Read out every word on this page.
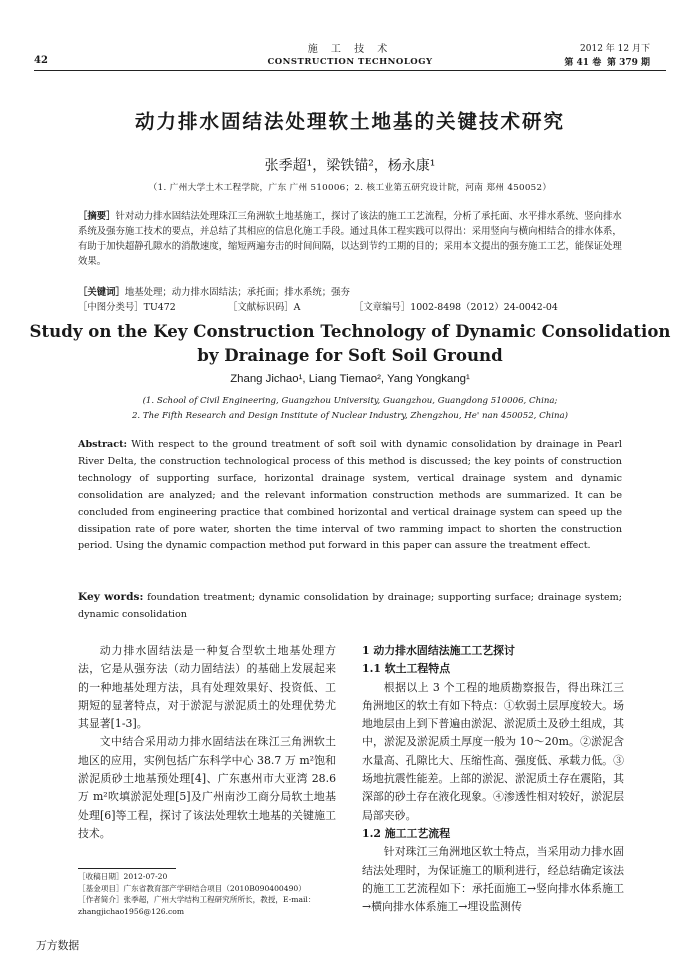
42
施 工 技 术
CONSTRUCTION TECHNOLOGY
2012 年 12 月下
第 41 卷 第 379 期
动力排水固结法处理软土地基的关键技术研究
张季超¹，梁铁锚²，杨永康¹
（1. 广州大学土木工程学院，广东 广州 510006；2. 核工业第五研究设计院，河南 郑州 450052）
［摘要］针对动力排水固结法处理珠江三角洲软土地基施工，探讨了该法的施工工艺流程，分析了承托面、水平排水系统、竖向排水系统及强夯施工技术的要点，并总结了其相应的信息化施工手段。通过具体工程实践可以得出：采用竖向与横向相结合的排水体系，有助于加快超静孔隙水的消散速度，缩短两遍夯击的时间间隔，以达到节约工期的目的；采用本文提出的强夯施工工艺，能保证处理效果。
［关键词］地基处理；动力排水固结法；承托面；排水系统；强夯
［中图分类号］TU472	［文献标识码］A	［文章编号］1002-8498（2012）24-0042-04
Study on the Key Construction Technology of Dynamic Consolidation
by Drainage for Soft Soil Ground
Zhang Jichao¹, Liang Tiemao², Yang Yongkang¹
(1. School of Civil Engineering, Guangzhou University, Guangzhou, Guangdong 510006, China;
2. The Fifth Research and Design Institute of Nuclear Industry, Zhengzhou, He' nan 450052, China)
Abstract: With respect to the ground treatment of soft soil with dynamic consolidation by drainage in Pearl River Delta, the construction technological process of this method is discussed; the key points of construction technology of supporting surface, horizontal drainage system, vertical drainage system and dynamic consolidation are analyzed; and the relevant information construction methods are summarized. It can be concluded from engineering practice that combined horizontal and vertical drainage system can speed up the dissipation rate of pore water, shorten the time interval of two ramming impact to shorten the construction period. Using the dynamic compaction method put forward in this paper can assure the treatment effect.
Key words: foundation treatment; dynamic consolidation by drainage; supporting surface; drainage system; dynamic consolidation

动力排水固结法是一种复合型软土地基处理方法，它是从强夯法（动力固结法）的基础上发展起来的一种地基处理方法，具有处理效果好、投资低、工期短的显著特点，对于淤泥与淤泥质土的处理优势尤其显著[1-3]。

文中结合采用动力排水固结法在珠江三角洲软土地区的应用，实例包括广东科学中心 38.7 万 m²饱和淤泥质砂土地基预处理[4]、广东惠州市大亚湾 28.6 万 m²吹填淤泥处理[5]及广州南沙工商分局软土地基处理[6]等工程，探讨了该法处理软土地基的关键施工技术。

［收稿日期］2012-07-20

［基金项目］广东省教育部产学研结合项目（2010B090400490）

［作者简介］张季超，广州大学结构工程研究所所长，教授，E-mail：zhangjichao1956@126.com

1 动力排水固结法施工工艺探讨

1.1 软土工程特点

根据以上 3 个工程的地质勘察报告，得出珠江三角洲地区的软土有如下特点：①软弱土层厚度较大。场地地层由上到下普遍由淤泥、淤泥质土及砂土组成，其中，淤泥及淤泥质土厚度一般为 10～20m。②淤泥含水量高、孔隙比大、压缩性高、强度低、承载力低。③场地抗震性能差。上部的淤泥、淤泥质土存在震陷，其深部的砂土存在液化现象。④渗透性相对较好，淤泥层局部夹砂。

1.2 施工工艺流程

针对珠江三角洲地区软土特点，当采用动力排水固结法处理时，为保证施工的顺利进行，经总结确定该法的施工工艺流程如下：承托面施工→竖向排水体系施工→横向排水体系施工→埋设监测传

万方数据
